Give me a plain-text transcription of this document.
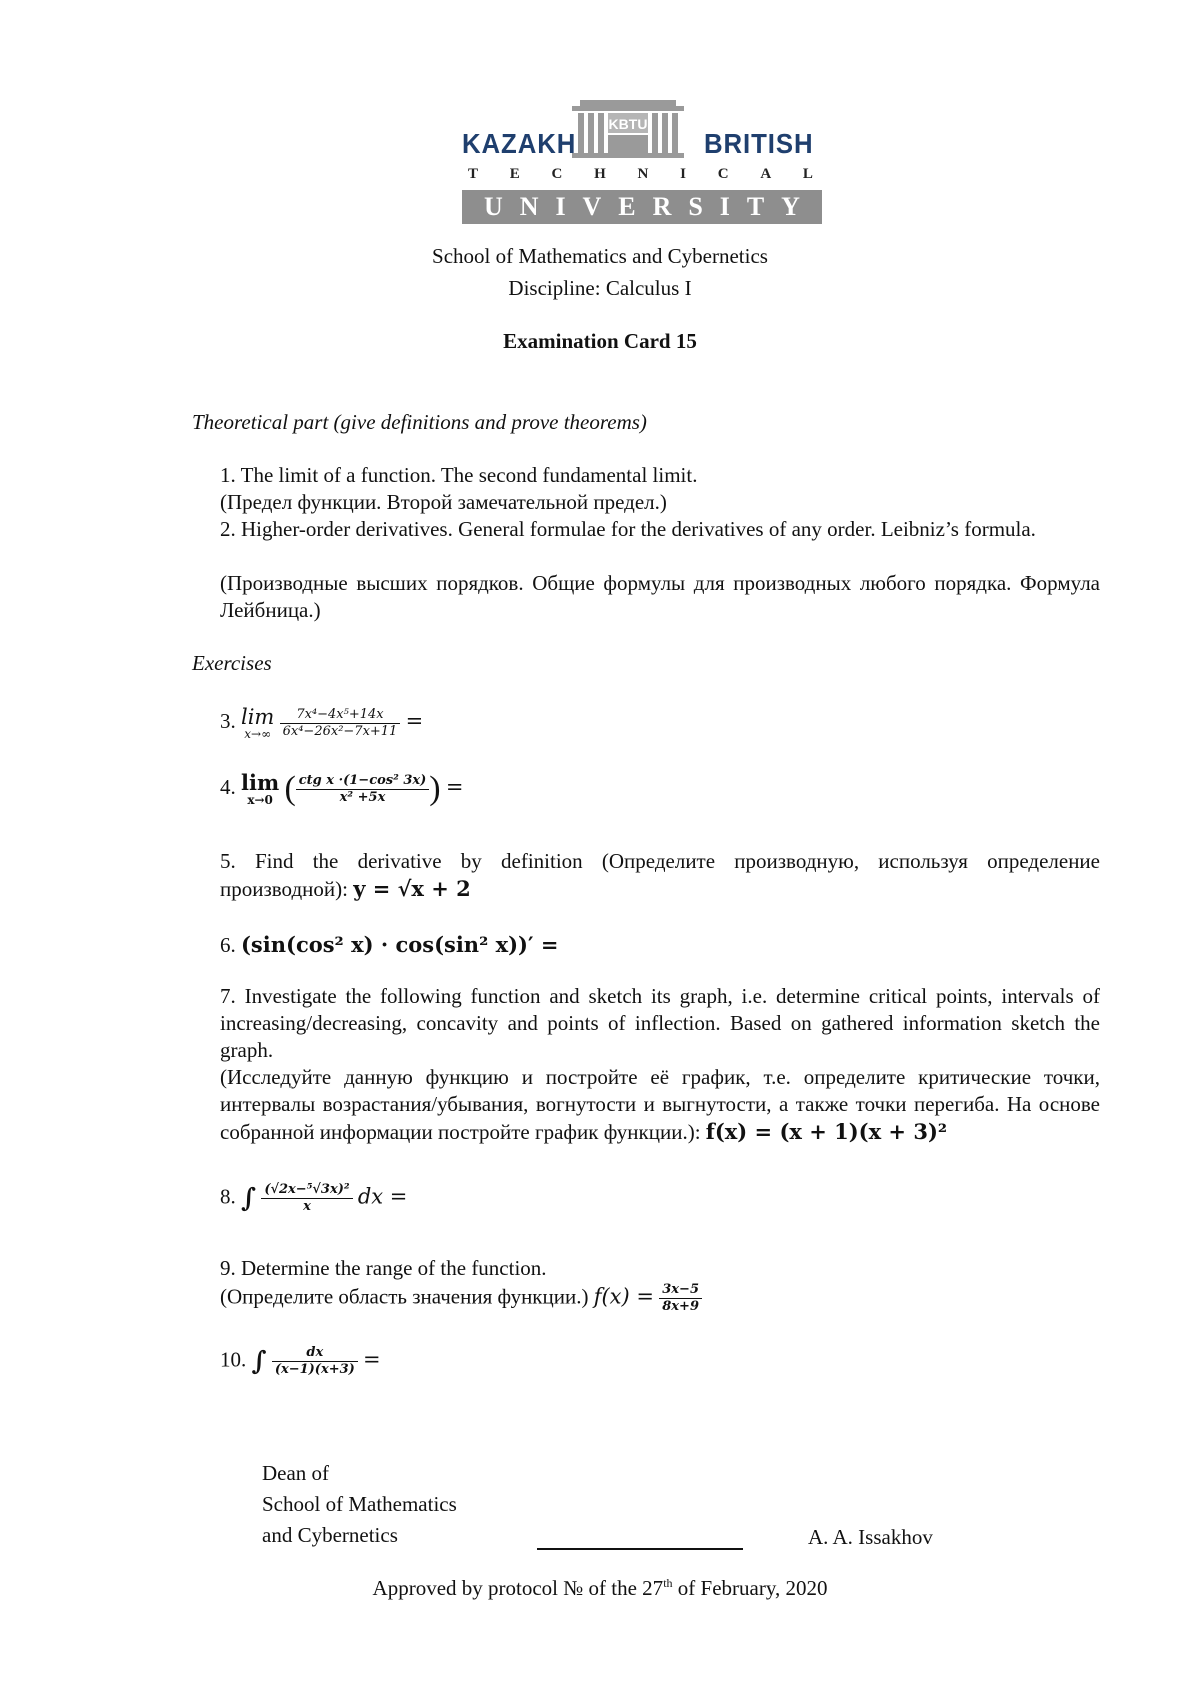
KBTU
KAZAKH	BRITISH
T E C H N I C A L
U N I V E R S I T Y
School of Mathematics and Cybernetics
Discipline: Calculus I
Examination Card 15
Theoretical part (give definitions and prove theorems)
1. The limit of a function. The second fundamental limit.
(Предел функции. Второй замечательной предел.)
2. Higher-order derivatives. General formulae for the derivatives of any order. Leibniz’s formula.
(Производные высших порядков. Общие формулы для производных любого порядка. Формула Лейбница.)
Exercises
3. lim
x→∞
$\frac{\text{7x⁴−4x⁵+14x}}{\text{6x⁴−26x²−7x+11}}$ =
4. lim
x→0 ( $\frac{\text{ctg x ·(1−cos² 3x)}}{\text{x² +5x}}$ ) =
5. Find the derivative by definition (Определите производную, используя определение производной): y = √x + 2
6. (sin(cos² x) · cos(sin² x))′ =
7. Investigate the following function and sketch its graph, i.e. determine critical points, intervals of increasing/decreasing, concavity and points of inflection. Based on gathered information sketch the graph.
(Исследуйте данную функцию и постройте её график, т.е. определите критические точки, интервалы возрастания/убывания, вогнутости и выгнутости, а также точки перегиба. На основе собранной информации постройте график функции.): f(x) = (x + 1)(x + 3)²
8. ∫ $\frac{\text{(√2x−⁵√3x)²}}{x}$ dx =
9. Determine the range of the function.
(Определите область значения функции.) $f(x) = \frac{3x-5}{8x+9}$
10. ∫ $\frac{dx}{(x-1)(x+3)}$ =
Dean of
School of Mathematics
and Cybernetics	A. A. Issakhov
Approved by protocol № of the 27th of February, 2020
